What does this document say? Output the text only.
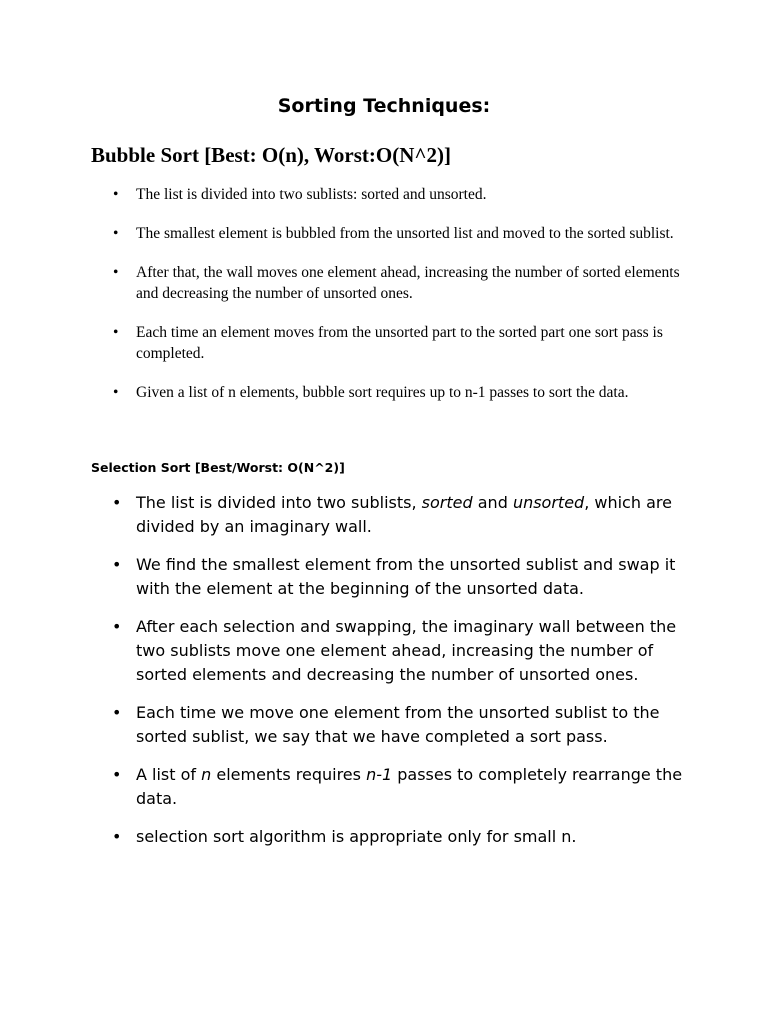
Sorting Techniques:
Bubble Sort [Best: O(n), Worst:O(N^2)]
• The list is divided into two sublists: sorted and unsorted.
• The smallest element is bubbled from the unsorted list and moved to the sorted sublist.
• After that, the wall moves one element ahead, increasing the number of sorted elements and decreasing the number of unsorted ones.
• Each time an element moves from the unsorted part to the sorted part one sort pass is completed.
• Given a list of n elements, bubble sort requires up to n-1 passes to sort the data.
Selection Sort [Best/Worst: O(N^2)]
• The list is divided into two sublists, sorted and unsorted, which are divided by an imaginary wall.
• We find the smallest element from the unsorted sublist and swap it with the element at the beginning of the unsorted data.
• After each selection and swapping, the imaginary wall between the two sublists move one element ahead, increasing the number of sorted elements and decreasing the number of unsorted ones.
• Each time we move one element from the unsorted sublist to the sorted sublist, we say that we have completed a sort pass.
• A list of n elements requires n-1 passes to completely rearrange the data.
• selection sort algorithm is appropriate only for small n.
